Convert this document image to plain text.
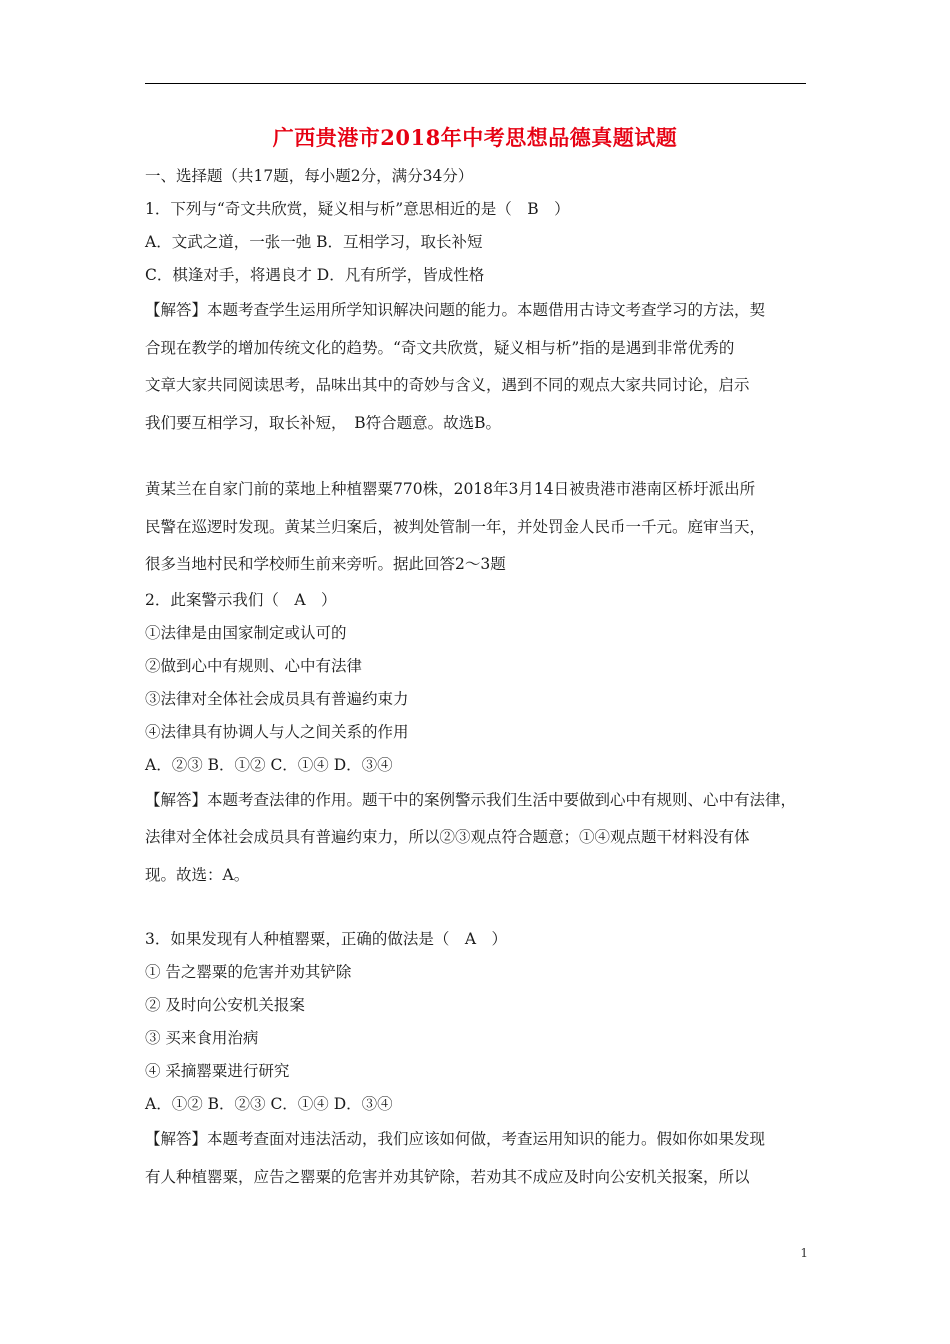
广西贵港市2018年中考思想品德真题试题
一、选择题（共17题，每小题2分，满分34分）
1．下列与“奇文共欣赏，疑义相与析”意思相近的是（　B　）
A．文武之道，一张一弛 B．互相学习，取长补短
C．棋逢对手，将遇良才 D．凡有所学，皆成性格
【解答】本题考查学生运用所学知识解决问题的能力。本题借用古诗文考查学习的方法，契
合现在教学的增加传统文化的趋势。“奇文共欣赏，疑义相与析”指的是遇到非常优秀的
文章大家共同阅读思考，品味出其中的奇妙与含义，遇到不同的观点大家共同讨论，启示
我们要互相学习，取长补短，　B符合题意。故选B。
黄某兰在自家门前的菜地上种植罂粟770株，2018年3月14日被贵港市港南区桥圩派出所
民警在巡逻时发现。黄某兰归案后，被判处管制一年，并处罚金人民币一千元。庭审当天，
很多当地村民和学校师生前来旁听。据此回答2～3题
2．此案警示我们（　A　）
①法律是由国家制定或认可的
②做到心中有规则、心中有法律
③法律对全体社会成员具有普遍约束力
④法律具有协调人与人之间关系的作用
A．②③ B．①② C．①④ D．③④
【解答】本题考查法律的作用。题干中的案例警示我们生活中要做到心中有规则、心中有法律，
法律对全体社会成员具有普遍约束力，所以②③观点符合题意；①④观点题干材料没有体
现。故选：A。
3．如果发现有人种植罂粟，正确的做法是（　A　）
① 告之罂粟的危害并劝其铲除
② 及时向公安机关报案
③ 买来食用治病
④ 采摘罂粟进行研究
A．①② B．②③ C．①④ D．③④
【解答】本题考查面对违法活动，我们应该如何做，考查运用知识的能力。假如你如果发现
有人种植罂粟，应告之罂粟的危害并劝其铲除，若劝其不成应及时向公安机关报案，所以
1
